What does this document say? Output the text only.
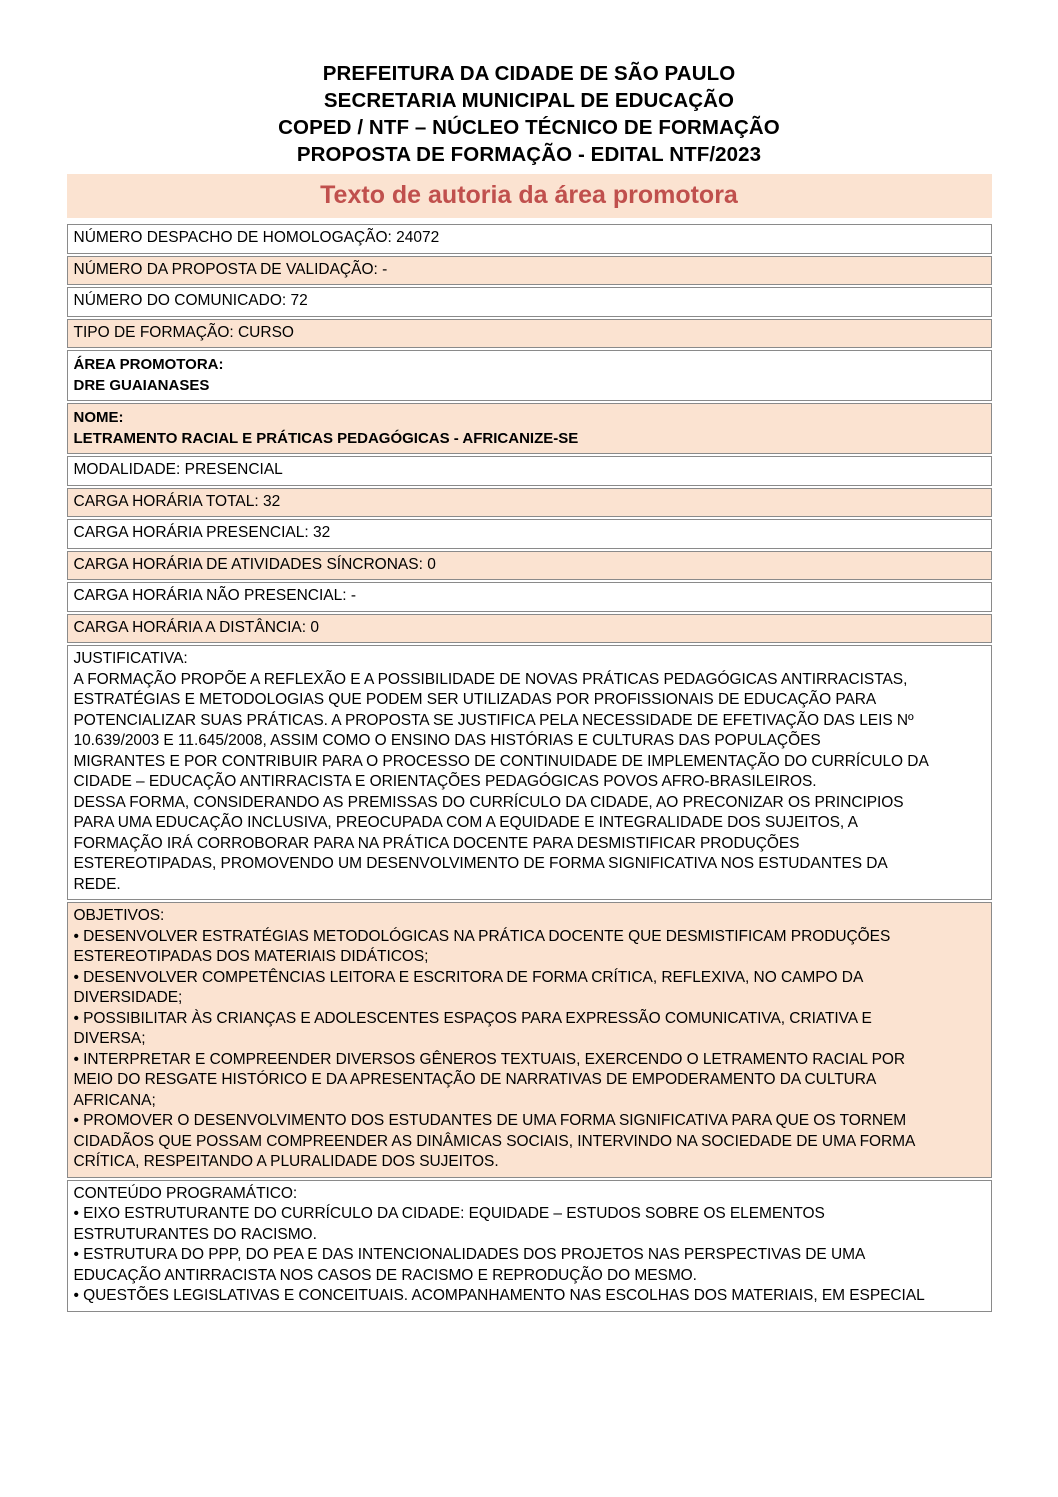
PREFEITURA DA CIDADE DE SÃO PAULO
SECRETARIA MUNICIPAL DE EDUCAÇÃO
COPED / NTF – NÚCLEO TÉCNICO DE FORMAÇÃO
PROPOSTA DE FORMAÇÃO - EDITAL NTF/2023
Texto de autoria da área promotora
NÚMERO DESPACHO DE HOMOLOGAÇÃO: 24072

NÚMERO DA PROPOSTA DE VALIDAÇÃO: -

NÚMERO DO COMUNICADO: 72

TIPO DE FORMAÇÃO: CURSO

ÁREA PROMOTORA:
DRE GUAIANASES

NOME:
LETRAMENTO RACIAL E PRÁTICAS PEDAGÓGICAS - AFRICANIZE-SE

MODALIDADE: PRESENCIAL

CARGA HORÁRIA TOTAL: 32

CARGA HORÁRIA PRESENCIAL: 32

CARGA HORÁRIA DE ATIVIDADES SÍNCRONAS: 0

CARGA HORÁRIA NÃO PRESENCIAL: -

CARGA HORÁRIA A DISTÂNCIA: 0

JUSTIFICATIVA:
A FORMAÇÃO PROPÕE A REFLEXÃO E A POSSIBILIDADE DE NOVAS PRÁTICAS PEDAGÓGICAS ANTIRRACISTAS,
ESTRATÉGIAS E METODOLOGIAS QUE PODEM SER UTILIZADAS POR PROFISSIONAIS DE EDUCAÇÃO PARA
POTENCIALIZAR SUAS PRÁTICAS. A PROPOSTA SE JUSTIFICA PELA NECESSIDADE DE EFETIVAÇÃO DAS LEIS Nº
10.639/2003 E 11.645/2008, ASSIM COMO O ENSINO DAS HISTÓRIAS E CULTURAS DAS POPULAÇÕES
MIGRANTES E POR CONTRIBUIR PARA O PROCESSO DE CONTINUIDADE DE IMPLEMENTAÇÃO DO CURRÍCULO DA
CIDADE – EDUCAÇÃO ANTIRRACISTA E ORIENTAÇÕES PEDAGÓGICAS POVOS AFRO-BRASILEIROS.
DESSA FORMA, CONSIDERANDO AS PREMISSAS DO CURRÍCULO DA CIDADE, AO PRECONIZAR OS PRINCIPIOS
PARA UMA EDUCAÇÃO INCLUSIVA, PREOCUPADA COM A EQUIDADE E INTEGRALIDADE DOS SUJEITOS, A
FORMAÇÃO IRÁ CORROBORAR PARA NA PRÁTICA DOCENTE PARA DESMISTIFICAR PRODUÇÕES
ESTEREOTIPADAS, PROMOVENDO UM DESENVOLVIMENTO DE FORMA SIGNIFICATIVA NOS ESTUDANTES DA
REDE.

OBJETIVOS:
• DESENVOLVER ESTRATÉGIAS METODOLÓGICAS NA PRÁTICA DOCENTE QUE DESMISTIFICAM PRODUÇÕES
ESTEREOTIPADAS DOS MATERIAIS DIDÁTICOS;
• DESENVOLVER COMPETÊNCIAS LEITORA E ESCRITORA DE FORMA CRÍTICA, REFLEXIVA, NO CAMPO DA
DIVERSIDADE;
• POSSIBILITAR ÀS CRIANÇAS E ADOLESCENTES ESPAÇOS PARA EXPRESSÃO COMUNICATIVA, CRIATIVA E
DIVERSA;
• INTERPRETAR E COMPREENDER DIVERSOS GÊNEROS TEXTUAIS, EXERCENDO O LETRAMENTO RACIAL POR
MEIO DO RESGATE HISTÓRICO E DA APRESENTAÇÃO DE NARRATIVAS DE EMPODERAMENTO DA CULTURA
AFRICANA;
• PROMOVER O DESENVOLVIMENTO DOS ESTUDANTES DE UMA FORMA SIGNIFICATIVA PARA QUE OS TORNEM
CIDADÃOS QUE POSSAM COMPREENDER AS DINÂMICAS SOCIAIS, INTERVINDO NA SOCIEDADE DE UMA FORMA
CRÍTICA, RESPEITANDO A PLURALIDADE DOS SUJEITOS.

CONTEÚDO PROGRAMÁTICO:
• EIXO ESTRUTURANTE DO CURRÍCULO DA CIDADE: EQUIDADE – ESTUDOS SOBRE OS ELEMENTOS
ESTRUTURANTES DO RACISMO.
• ESTRUTURA DO PPP, DO PEA E DAS INTENCIONALIDADES DOS PROJETOS NAS PERSPECTIVAS DE UMA
EDUCAÇÃO ANTIRRACISTA NOS CASOS DE RACISMO E REPRODUÇÃO DO MESMO.
• QUESTÕES LEGISLATIVAS E CONCEITUAIS. ACOMPANHAMENTO NAS ESCOLHAS DOS MATERIAIS, EM ESPECIAL
